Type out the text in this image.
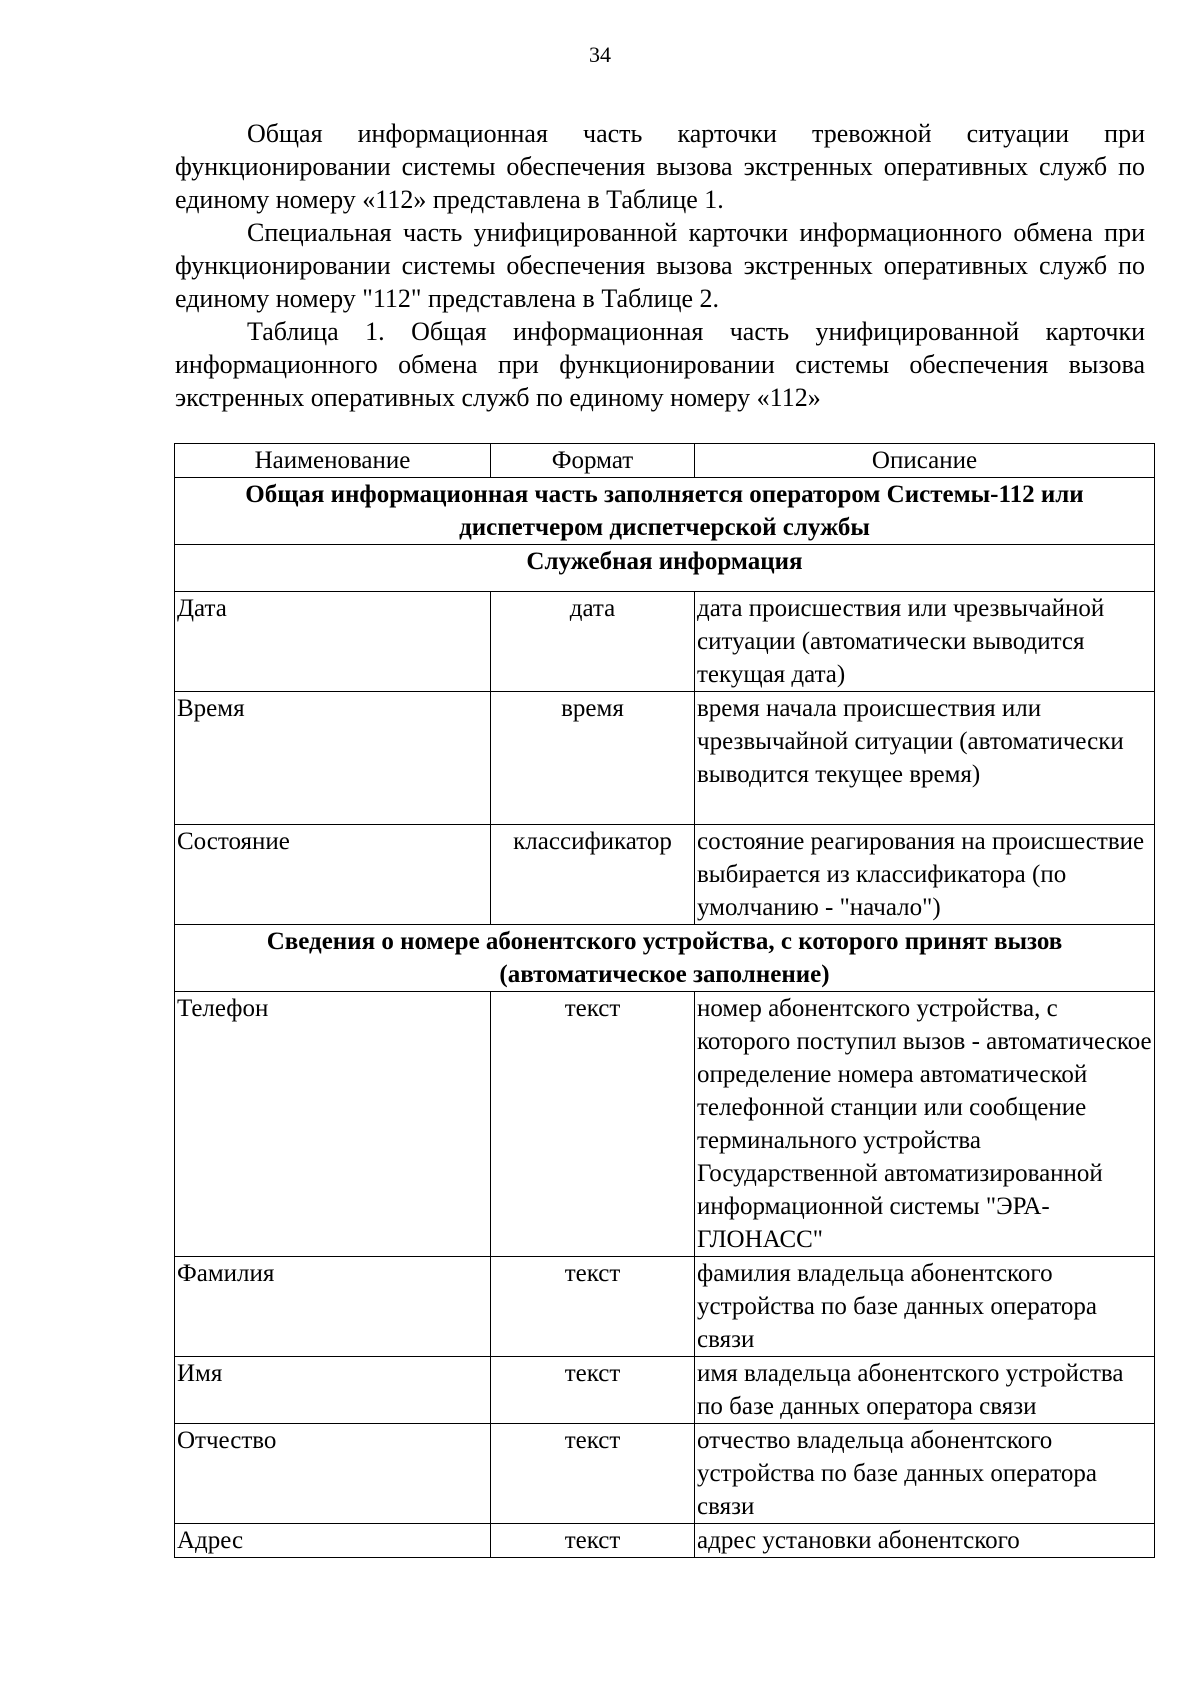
34

Общая информационная часть карточки тревожной ситуации при функционировании системы обеспечения вызова экстренных оперативных служб по единому номеру «112» представлена в Таблице 1.

Специальная часть унифицированной карточки информационного обмена при функционировании системы обеспечения вызова экстренных оперативных служб по единому номеру "112" представлена в Таблице 2.

Таблица 1. Общая информационная часть унифицированной карточки информационного обмена при функционировании системы обеспечения вызова экстренных оперативных служб по единому номеру «112»

Наименование	Формат	Описание
Общая информационная часть заполняется оператором Системы-112 или диспетчером диспетчерской службы		
Служебная информация		
Дата	дата	дата происшествия или чрезвычайной ситуации (автоматически выводится текущая дата)
Время	время	время начала происшествия или чрезвычайной ситуации (автоматически выводится текущее время)
Состояние	классификатор	состояние реагирования на происшествие выбирается из классификатора (по умолчанию - "начало")
Сведения о номере абонентского устройства, с которого принят вызов (автоматическое заполнение)		
Телефон	текст	номер абонентского устройства, с которого поступил вызов - автоматическое определение номера автоматической телефонной станции или сообщение терминального устройства Государственной автоматизированной информационной системы "ЭРА-ГЛОНАСС"
Фамилия	текст	фамилия владельца абонентского устройства по базе данных оператора связи
Имя	текст	имя владельца абонентского устройства по базе данных оператора связи
Отчество	текст	отчество владельца абонентского устройства по базе данных оператора связи
Адрес	текст	адрес установки абонентского
